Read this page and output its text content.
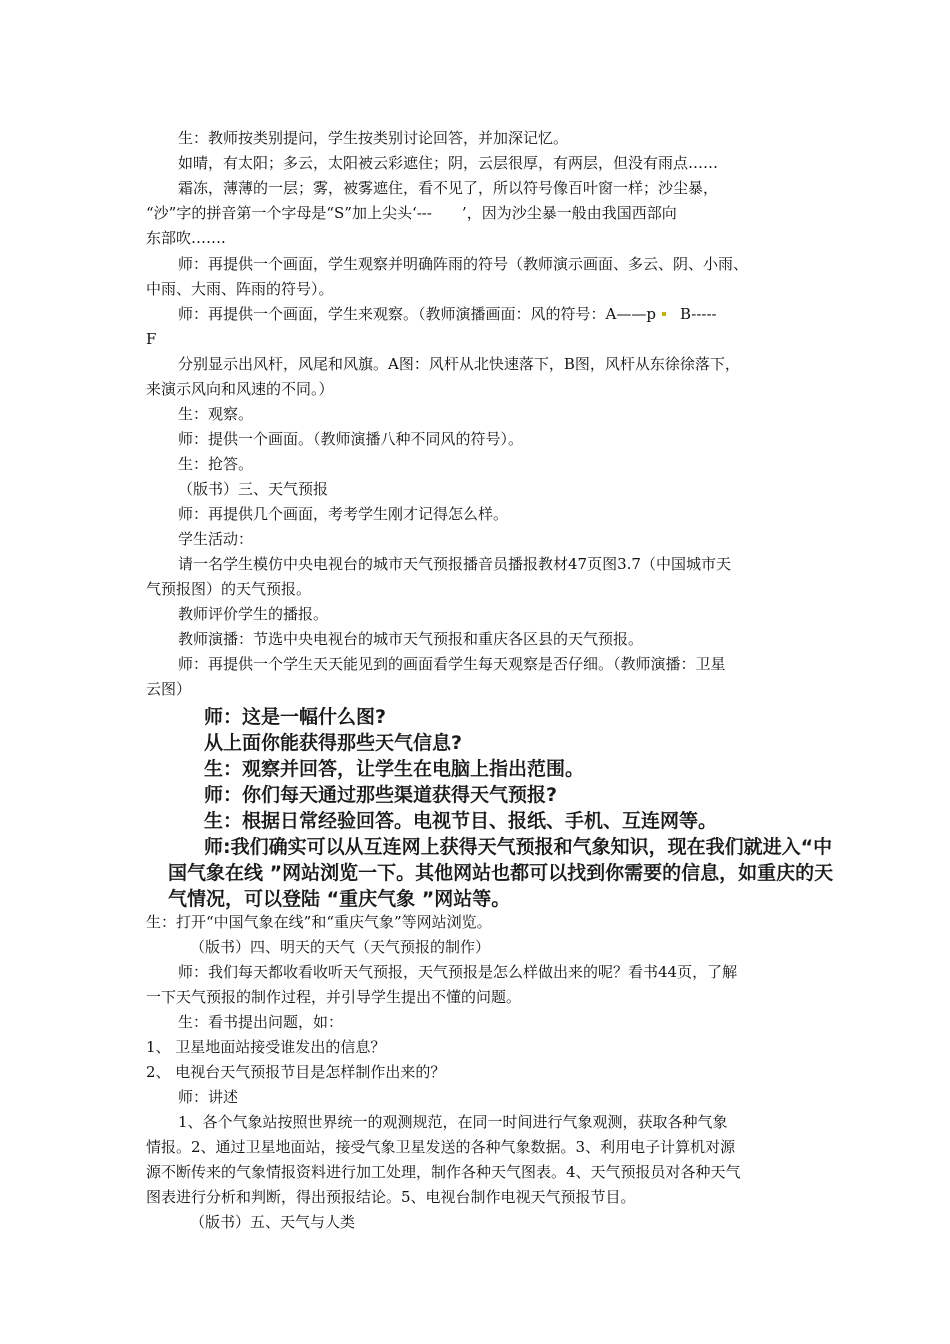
生：教师按类别提问，学生按类别讨论回答，并加深记忆。
如晴，有太阳；多云，太阳被云彩遮住；阴，云层很厚，有两层，但没有雨点……
霜冻，薄薄的一层；雾，被雾遮住，看不见了，所以符号像百叶窗一样；沙尘暴，
“沙”字的拼音第一个字母是“S”加上尖头‘---　　’，因为沙尘暴一般由我国西部向
东部吹…….
师：再提供一个画面，学生观察并明确阵雨的符号（教师演示画面、多云、阴、小雨、
中雨、大雨、阵雨的符号）。
师：再提供一个画面，学生来观察。（教师演播画面：风的符号：A——p B-----
F
分别显示出风杆，风尾和风旗。A图：风杆从北快速落下，B图，风杆从东徐徐落下，
来演示风向和风速的不同。）
生：观察。
师：提供一个画面。（教师演播八种不同风的符号）。
生：抢答。
（版书）三、天气预报
师：再提供几个画面，考考学生刚才记得怎么样。
学生活动：
请一名学生模仿中央电视台的城市天气预报播音员播报教材47页图3.7（中国城市天
气预报图）的天气预报。
教师评价学生的播报。
教师演播：节选中央电视台的城市天气预报和重庆各区县的天气预报。
师：再提供一个学生天天能见到的画面看学生每天观察是否仔细。（教师演播：卫星
云图）
师：这是一幅什么图?
从上面你能获得那些天气信息?
生：观察并回答，让学生在电脑上指出范围。
师：你们每天通过那些渠道获得天气预报?
生：根据日常经验回答。电视节目、报纸、手机、互连网等。
师:我们确实可以从互连网上获得天气预报和气象知识，现在我们就进入“中
国气象在线 ”网站浏览一下。其他网站也都可以找到你需要的信息，如重庆的天
气情况，可以登陆 “重庆气象 ”网站等。
生：打开“中国气象在线”和“重庆气象”等网站浏览。
（版书）四、明天的天气（天气预报的制作）
师：我们每天都收看收听天气预报，天气预报是怎么样做出来的呢？看书44页，了解
一下天气预报的制作过程，并引导学生提出不懂的问题。
生：看书提出问题，如：
1、 卫星地面站接受谁发出的信息？
2、 电视台天气预报节目是怎样制作出来的？
师：讲述
1、各个气象站按照世界统一的观测规范，在同一时间进行气象观测，获取各种气象
情报。2、通过卫星地面站，接受气象卫星发送的各种气象数据。3、利用电子计算机对源
源不断传来的气象情报资料进行加工处理，制作各种天气图表。4、天气预报员对各种天气
图表进行分析和判断，得出预报结论。5、电视台制作电视天气预报节目。
（版书）五、天气与人类
